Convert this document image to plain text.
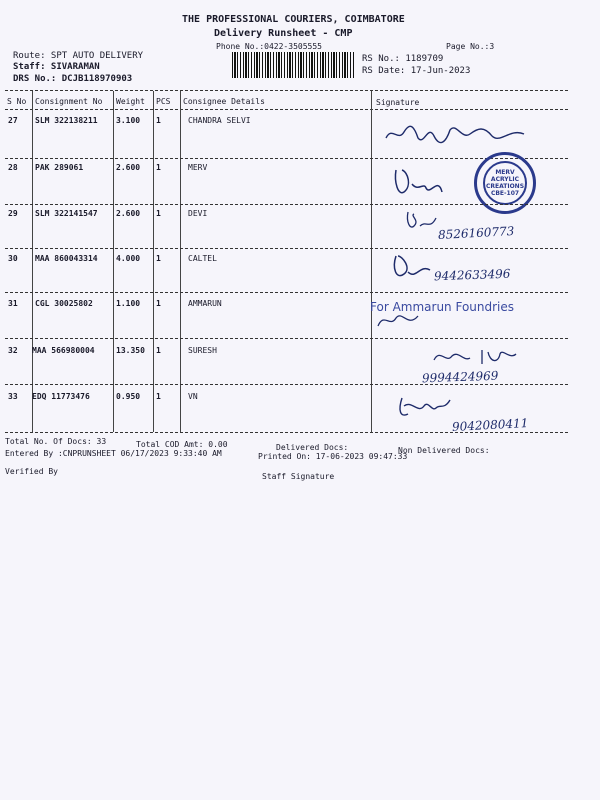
THE PROFESSIONAL COURIERS, COIMBATORE
Delivery Runsheet - CMP
Phone No.:0422-3505555	Page No.:3
Route: SPT AUTO DELIVERY
Staff: SIVARAMAN
DRS No.: DCJB118970903
RS No.: 1189709
RS Date: 17-Jun-2023
S No Consignment No Weight PCS Consignee Details	Signature
27 SLM 322138211 3.100 1	CHANDRA SELVI
28 PAK 289061	2.600 1	MERV
MERV ACRYLIC CREATIONS CBE-107
29 SLM 322141547 2.600 1	DEVI
8526160773
30 MAA 860043314 4.000 1	CALTEL
9442633496
31 CGL 30025802	1.100 1	AMMARUN	For Ammarun Foundries
32 MAA 566980004	13.350 1	SURESH
9994424969
33 EDQ 11773476	0.950 1	VN
9042080411
Total No. Of Docs: 33	Total COD Amt: 0.00	Delivered Docs:	Non Delivered Docs:
Entered By :CNPRUNSHEET 06/17/2023 9:33:40 AM	Printed On: 17-06-2023 09:47:33
Verified By
Staff Signature
